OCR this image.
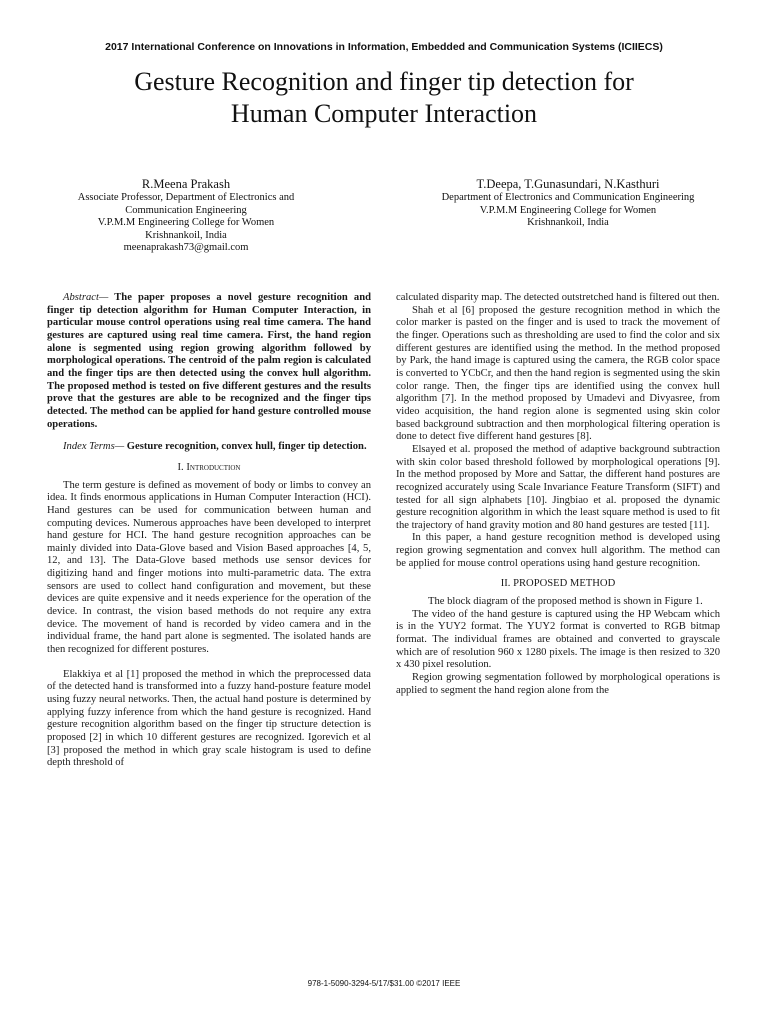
2017 International Conference on Innovations in Information, Embedded and Communication Systems (ICIIECS)
Gesture Recognition and finger tip detection for
Human Computer Interaction
R.Meena Prakash
Associate Professor, Department of Electronics and
Communication Engineering
V.P.M.M Engineering College for Women
Krishnankoil, India
meenaprakash73@gmail.com
T.Deepa, T.Gunasundari, N.Kasthuri
Department of Electronics and Communication Engineering
V.P.M.M Engineering College for Women
Krishnankoil, India

Abstract— The paper proposes a novel gesture recognition and finger tip detection algorithm for Human Computer Interaction, in particular mouse control operations using real time camera. The hand gestures are captured using real time camera. First, the hand region alone is segmented using region growing algorithm followed by morphological operations. The centroid of the palm region is calculated and the finger tips are then detected using the convex hull algorithm. The proposed method is tested on five different gestures and the results prove that the gestures are able to be recognized and the finger tips detected. The method can be applied for hand gesture controlled mouse operations.

Index Terms— Gesture recognition, convex hull, finger tip detection.

I. Introduction

The term gesture is defined as movement of body or limbs to convey an idea. It finds enormous applications in Human Computer Interaction (HCI). Hand gestures can be used for communication between human and computing devices. Numerous approaches have been developed to interpret hand gesture for HCI. The hand gesture recognition approaches can be mainly divided into Data-Glove based and Vision Based approaches [4, 5, 12, and 13]. The Data-Glove based methods use sensor devices for digitizing hand and finger motions into multi-parametric data. The extra sensors are used to collect hand configuration and movement, but these devices are quite expensive and it needs experience for the operation of the device. In contrast, the vision based methods do not require any extra device. The movement of hand is recorded by video camera and in the individual frame, the hand part alone is segmented. The isolated hands are then recognized for different postures.

Elakkiya et al [1] proposed the method in which the preprocessed data of the detected hand is transformed into a fuzzy hand-posture feature model using fuzzy neural networks. Then, the actual hand posture is determined by applying fuzzy inference from which the hand gesture is recognized. Hand gesture recognition algorithm based on the finger tip structure detection is proposed [2] in which 10 different gestures are recognized. Igorevich et al [3] proposed the method in which gray scale histogram is used to define depth threshold of

calculated disparity map. The detected outstretched hand is filtered out then.

Shah et al [6] proposed the gesture recognition method in which the color marker is pasted on the finger and is used to track the movement of the finger. Operations such as thresholding are used to find the color and six different gestures are identified using the method. In the method proposed by Park, the hand image is captured using the camera, the RGB color space is converted to YCbCr, and then the hand region is segmented using the skin color range. Then, the finger tips are identified using the convex hull algorithm [7]. In the method proposed by Umadevi and Divyasree, from video acquisition, the hand region alone is segmented using skin color based background subtraction and then morphological filtering operation is done to detect five different hand gestures [8].

Elsayed et al. proposed the method of adaptive background subtraction with skin color based threshold followed by morphological operations [9]. In the method proposed by More and Sattar, the different hand postures are recognized accurately using Scale Invariance Feature Transform (SIFT) and tested for all sign alphabets [10]. Jingbiao et al. proposed the dynamic gesture recognition algorithm in which the least square method is used to fit the trajectory of hand gravity motion and 80 hand gestures are tested [11].

In this paper, a hand gesture recognition method is developed using region growing segmentation and convex hull algorithm. The method can be applied for mouse control operations using hand gesture recognition.

II. PROPOSED METHOD

The block diagram of the proposed method is shown in Figure 1.

The video of the hand gesture is captured using the HP Webcam which is in the YUY2 format. The YUY2 format is converted to RGB bitmap format. The individual frames are obtained and converted to grayscale which are of resolution 960 x 1280 pixels. The image is then resized to 320 x 430 pixel resolution.

Region growing segmentation followed by morphological operations is applied to segment the hand region alone from the

978-1-5090-3294-5/17/$31.00 ©2017 IEEE
